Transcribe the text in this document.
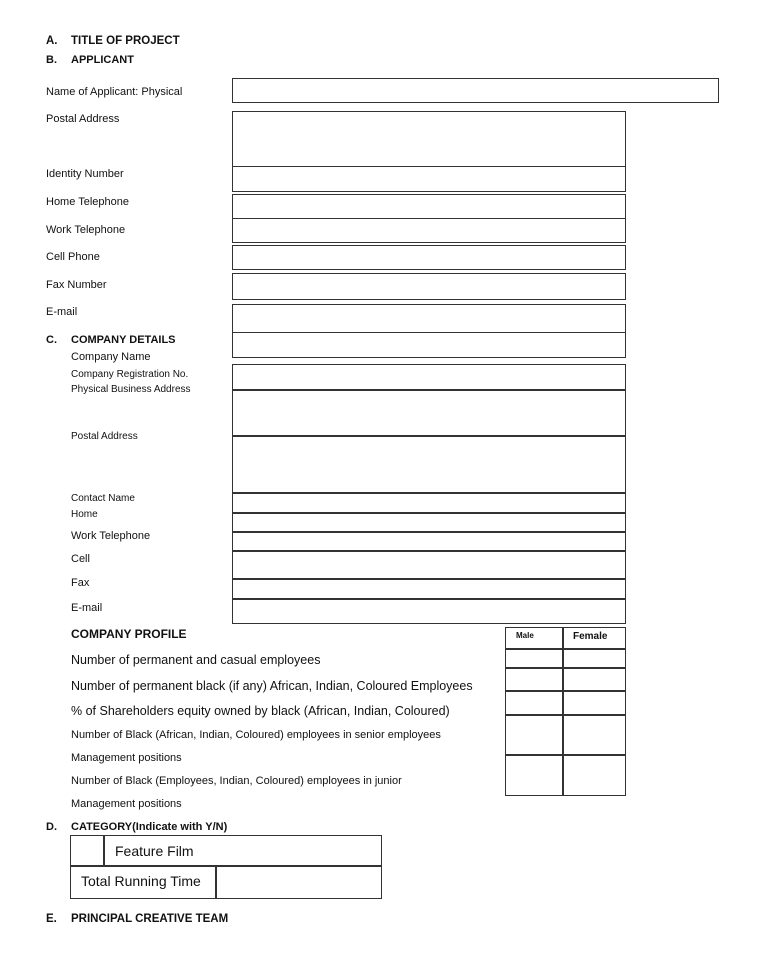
A. TITLE OF PROJECT
B. APPLICANT
Name of Applicant: Physical
Postal Address
Identity Number
Home Telephone
Work Telephone
Cell Phone
Fax Number
E-mail
C. COMPANY DETAILS
Company Name
Company Registration No.
Physical Business Address
Postal Address
Contact Name
Home
Work Telephone
Cell
Fax
E-mail
COMPANY PROFILE	Male	Female
Number of permanent and casual employees
Number of permanent black (if any) African, Indian, Coloured Employees
% of Shareholders equity owned by black (African, Indian, Coloured)
Number of Black (African, Indian, Coloured) employees in senior employees
Management positions
Number of Black (Employees, Indian, Coloured) employees in junior
Management positions
D. CATEGORY(Indicate with Y/N)
Feature Film
Total Running Time
E. PRINCIPAL CREATIVE TEAM
